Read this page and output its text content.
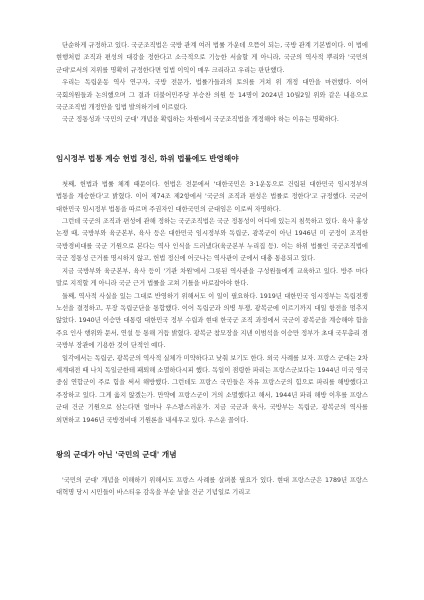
단순하게 규정하고 있다. 국군조직법은 국방 관계 여러 법률 가운데 으뜸이 되는, 국방 관계 기본법이다. 이 법에 현행처럼 조직과 편성의 대강을 정한다고 소극적으로 기능한 서술할 게 아니라, 국군의 역사적 뿌리와 '국민의 군대'로서의 지위를 명확히 규정한다면 입법 이익이 매우 크리라고 우리는 판단했다.

우리는 독립운동 역사 연구자, 국방 전문가, 법률가들과의 토의를 거쳐 위 개정 대안을 마련했다. 이어 국회의원들과 논의했으며 그 결과 더불어민주당 부승찬 의원 등 14명이 2024년 10월2일 위와 같은 내용으로 국군조직법 개정안을 입법 발의하기에 이르렀다.

국군 정통성과 '국민의 군대' 개념을 확립하는 차원에서 국군조직법을 개정해야 하는 이유는 명확하다.

임시정부 법통 계승 헌법 정신, 하위 법률에도 반영해야

첫째, 헌법과 법률 체계 때문이다. 헌법은 전문에서 '대한국민은 3·1운동으로 건립된 대한민국 임시정부의 법통을 계승한다'고 밝혔다. 이어 제74조 제2항에서 '국군의 조직과 편성은 법률로 정한다'고 규정했다. 국군이 대한민국 임시정부 법통을 따르며 주권자인 대한국민의 군대임은 이로써 자명하다.

그런데 국군의 조직과 편성에 관해 정하는 국군조직법은 국군 정통성이 어디에 있는지 침묵하고 있다. 육사 흉상 논쟁 때, 국방부와 육군본부, 육사 등은 대한민국 임시정부와 독립군, 광복군이 아닌 1946년 미 군정이 조직한 국방경비대를 국군 기원으로 본다는 역사 인식을 드러냈다(육군본부 누리집 등). 이는 하위 법률인 국군조직법에 국군 정통성 근거를 명시하지 않고, 헌법 정신에 어긋나는 역사관이 군에서 대충 통용되고 있다.

지금 국방부와 육군본부, 육사 등이 '기관 차원'에서 그릇된 역사관을 구성원들에게 교육하고 있다. 방주 마다 말로 지적할 게 아니라 국군 근거 법률을 고쳐 기틀을 바로잡아야 한다.

둘째, 역사적 사실을 있는 그대로 반영하기 위해서도 이 일이 필요하다. 1919년 대한민국 임시정부는 독립전쟁 노선을 결정하고, 무장 독립군단을 통합했다. 이어 독립군과 의병 투쟁, 광복군에 이르기까지 대일 항전을 멈추지 않았다. 1940년 이승만 대통령 대한민국 정부 수립과 현대 한국군 조직 과정에서 국군이 광복군을 계승해야 함을 주요 인사 행위와 문서, 연설 등 통해 거듭 밝혔다. 광복군 참모장을 지낸 이범석을 이승만 정부가 초대 국무총리 겸 국방부 장관에 기용한 것이 단적인 예다.

일각에서는 독립군, 광복군의 역사적 실체가 미약하다고 낮춰 보기도 한다. 외국 사례를 보자. 프랑스 군대는 2차 세계대전 때 나치 독일군한테 패퇴해 소멸하다시피 했다. 독일이 점령한 파리는 프랑스군보다는 1944년 미국 영국 중심 연합군이 주로 힘을 써서 해방했다. 그런데도 프랑스 국민들은 자유 프랑스군의 힘으로 파리를 해방했다고 주장하고 있다. 그게 옳지 않겠는가. 만약에 프랑스군이 거의 소멸했다고 해서, 1944년 파리 해방 이후를 프랑스 군대 건군 기원으로 삼는다면 얼마나 우스꽝스러운가. 지금 국군과 육사, 국방부는 독립군, 광복군의 역사를 외면하고 1946년 국방경비대 기원론을 내세우고 있다. 우스운 꼴이다.

왕의 군대가 아닌 '국민의 군대' 개념

'국민의 군대' 개념을 이해하기 위해서도 프랑스 사례를 살펴볼 필요가 있다. 현대 프랑스군은 1789년 프랑스 대혁명 당시 시민들이 바스티유 감옥을 부순 날을 건군 기념일로 기리고
